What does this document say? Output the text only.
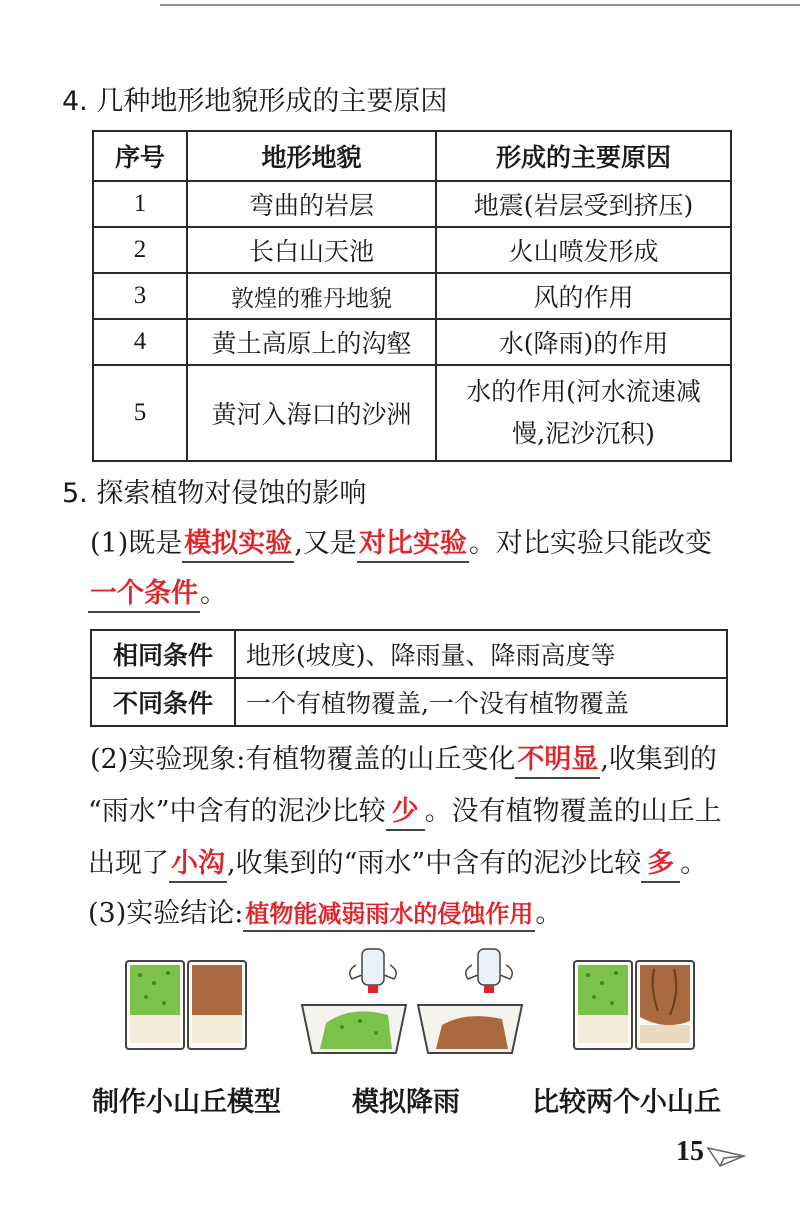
4. 几种地形地貌形成的主要原因
序号	地形地貌	形成的主要原因
1	弯曲的岩层	地震(岩层受到挤压)
2	长白山天池	火山喷发形成
3	敦煌的雅丹地貌	风的作用
4	黄土高原上的沟壑	水(降雨)的作用
5	黄河入海口的沙洲	水的作用(河水流速减
慢,泥沙沉积)
5. 探索植物对侵蚀的影响
(1)既是模拟实验,又是对比实验。对比实验只能改变
一个条件。
相同条件	地形(坡度)、降雨量、降雨高度等
不同条件	一个有植物覆盖,一个没有植物覆盖
(2)实验现象:有植物覆盖的山丘变化不明显,收集到的
“雨水”中含有的泥沙比较 少 。没有植物覆盖的山丘上
出现了小沟,收集到的“雨水”中含有的泥沙比较 多 。
(3)实验结论:植物能减弱雨水的侵蚀作用。
制作小山丘模型	模拟降雨	比较两个小山丘
15
